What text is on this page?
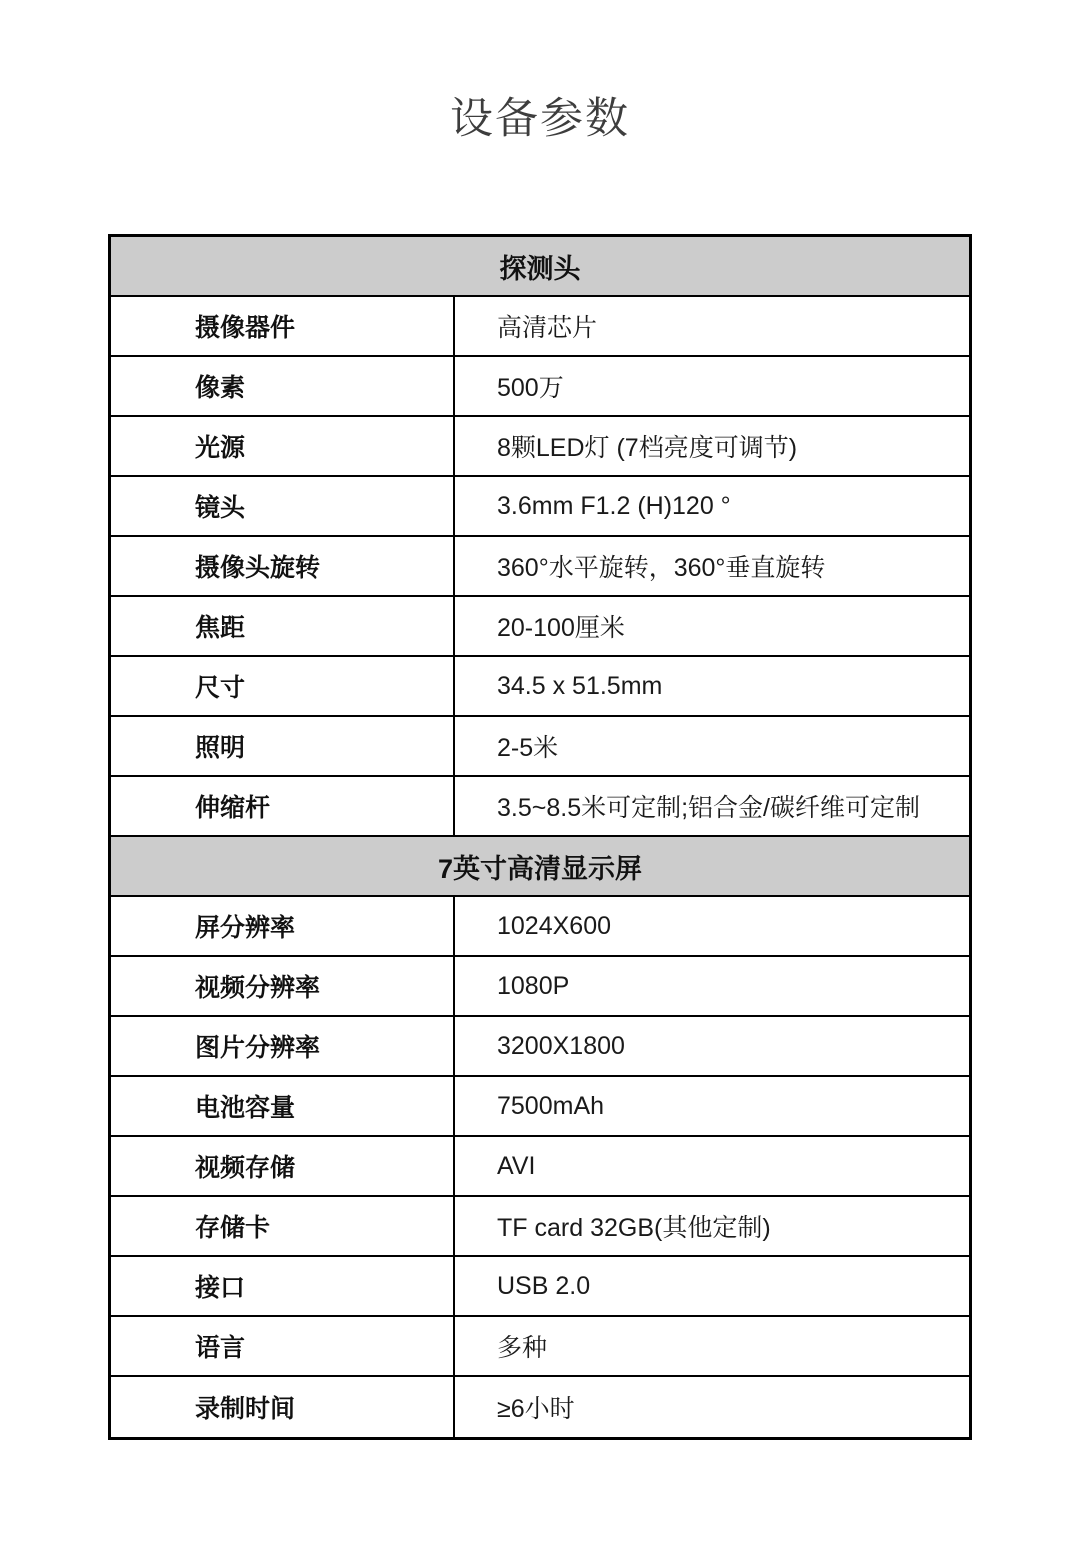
设备参数
探测头
摄像器件	高清芯片
像素	500万
光源	8颗LED灯 (7档亮度可调节)
镜头	3.6mm F1.2 (H)120 °
摄像头旋转	360°水平旋转，360°垂直旋转
焦距	20-100厘米
尺寸	34.5 x 51.5mm
照明	2-5米
伸缩杆	3.5~8.5米可定制;铝合金/碳纤维可定制
7英寸高清显示屏
屏分辨率	1024X600
视频分辨率	1080P
图片分辨率	3200X1800
电池容量	7500mAh
视频存储	AVI
存储卡	TF card 32GB(其他定制)
接口	USB 2.0
语言	多种
录制时间	≥6小时
